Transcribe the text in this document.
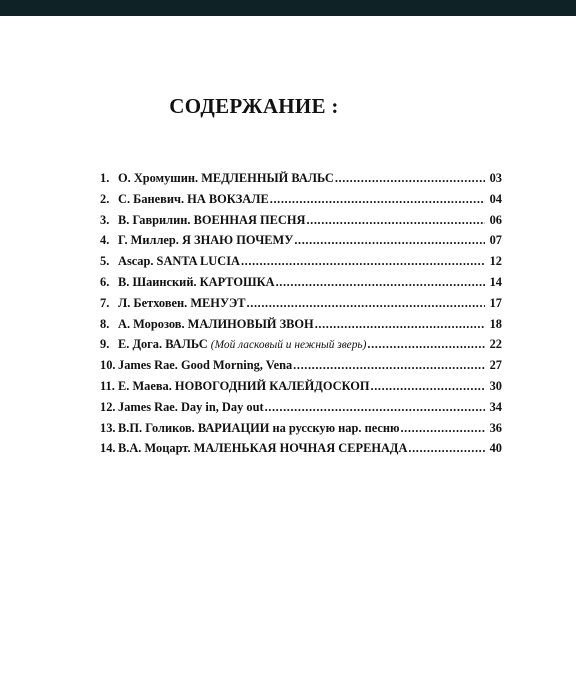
СОДЕРЖАНИЕ :
1. О. Хромушин. МЕДЛЕННЫЙ ВАЛЬС .....	03
2. С. Баневич. НА ВОКЗАЛЕ .....	04
3. В. Гаврилин. ВОЕННАЯ ПЕСНЯ .....	06
4. Г. Миллер. Я ЗНАЮ ПОЧЕМУ .....	07
5. Ascap. SANTA LUCIA .....	12
6. В. Шаинский. КАРТОШКА .....	14
7. Л. Бетховен. МЕНУЭТ .....	17
8. А. Морозов. МАЛИНОВЫЙ ЗВОН .....	18
9. Е. Дога. ВАЛЬС (Мой ласковый и нежный зверь) .....	22
10. James Rae. Good Morning, Vena .....	27
11. Е. Маева. НОВОГОДНИЙ КАЛЕЙДОСКОП .....	30
12. James Rae. Day in, Day out .....	34
13. В.П. Голиков. ВАРИАЦИИ на русскую нар. песню .....	36
14. В.А. Моцарт. МАЛЕНЬКАЯ НОЧНАЯ СЕРЕНАДА .....	40
